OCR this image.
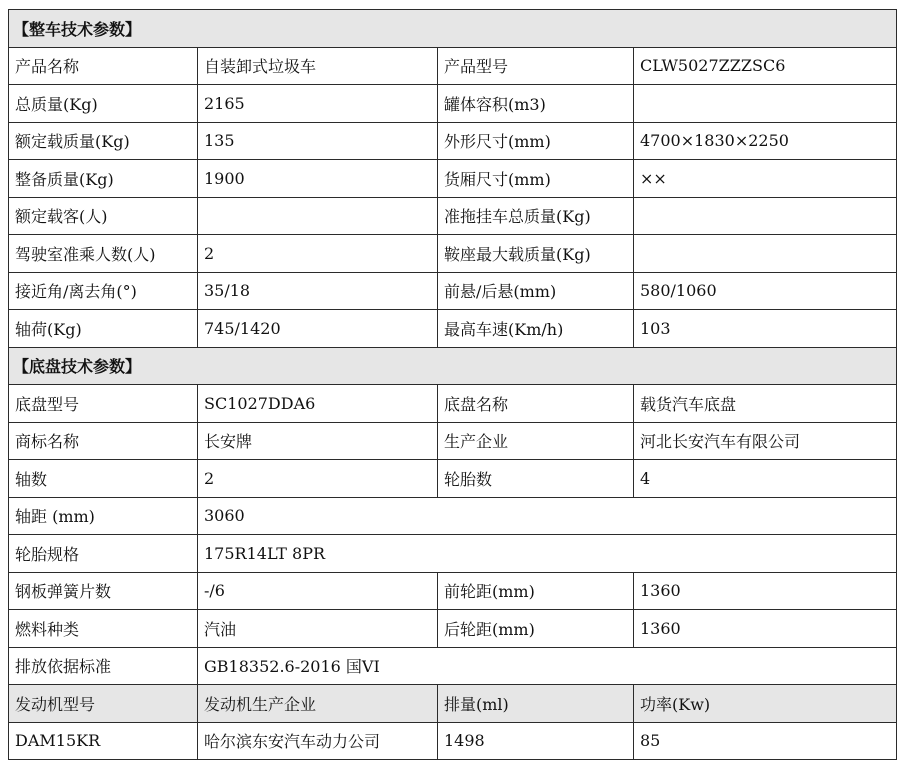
【整车技术参数】			
产品名称	自装卸式垃圾车	产品型号	CLW5027ZZZSC6
总质量(Kg)	2165	罐体容积(m3)	
额定载质量(Kg)	135	外形尺寸(mm)	4700×1830×2250
整备质量(Kg)	1900	货厢尺寸(mm)	××
额定载客(人)		准拖挂车总质量(Kg)	
驾驶室准乘人数(人)	2	鞍座最大载质量(Kg)	
接近角/离去角(°)	35/18	前悬/后悬(mm)	580/1060
轴荷(Kg)	745/1420	最高车速(Km/h)	103
【底盘技术参数】			
底盘型号	SC1027DDA6	底盘名称	载货汽车底盘
商标名称	长安牌	生产企业	河北长安汽车有限公司
轴数	2	轮胎数	4
轴距 (mm)	3060		
轮胎规格	175R14LT 8PR		
钢板弹簧片数	-/6	前轮距(mm)	1360
燃料种类	汽油	后轮距(mm)	1360
排放依据标准	GB18352.6-2016 国VI		
发动机型号	发动机生产企业	排量(ml)	功率(Kw)
DAM15KR	哈尔滨东安汽车动力公司	1498	85
